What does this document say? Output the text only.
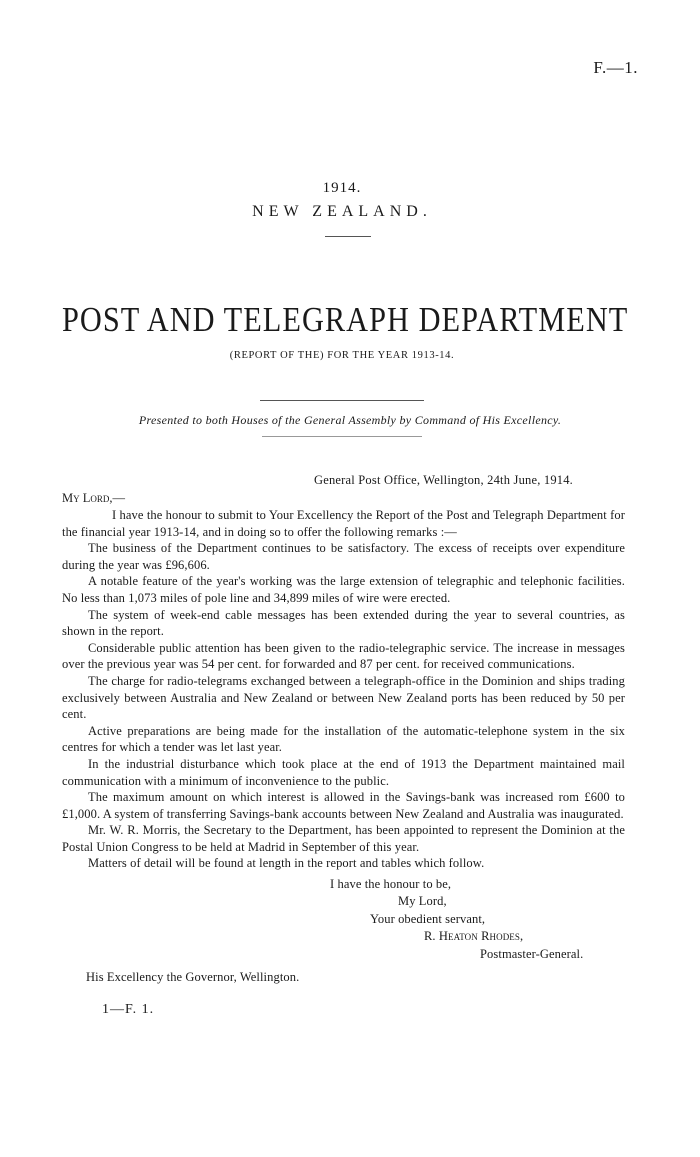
F.—1.
1914.
NEW ZEALAND.
POST AND TELEGRAPH DEPARTMENT
(REPORT OF THE) FOR THE YEAR 1913-14.
Presented to both Houses of the General Assembly by Command of His Excellency.
General Post Office, Wellington, 24th June, 1914.
My Lord,—

I have the honour to submit to Your Excellency the Report of the Post and Telegraph Department for the financial year 1913-14, and in doing so to offer the following remarks :—

The business of the Department continues to be satisfactory. The excess of receipts over expenditure during the year was £96,606.

A notable feature of the year's working was the large extension of telegraphic and telephonic facilities. No less than 1,073 miles of pole line and 34,899 miles of wire were erected.

The system of week-end cable messages has been extended during the year to several countries, as shown in the report.

Considerable public attention has been given to the radio-telegraphic service. The increase in messages over the previous year was 54 per cent. for forwarded and 87 per cent. for received communications.

The charge for radio-telegrams exchanged between a telegraph-office in the Dominion and ships trading exclusively between Australia and New Zealand or between New Zealand ports has been reduced by 50 per cent.

Active preparations are being made for the installation of the automatic-telephone system in the six centres for which a tender was let last year.

In the industrial disturbance which took place at the end of 1913 the Department maintained mail communication with a minimum of inconvenience to the public.

The maximum amount on which interest is allowed in the Savings-bank was increased rom £600 to £1,000. A system of transferring Savings-bank accounts between New Zealand and Australia was inaugurated.

Mr. W. R. Morris, the Secretary to the Department, has been appointed to represent the Dominion at the Postal Union Congress to be held at Madrid in September of this year.

Matters of detail will be found at length in the report and tables which follow.

I have the honour to be,
My Lord,
Your obedient servant,
R. Heaton Rhodes,
Postmaster-General.
His Excellency the Governor, Wellington.
1—F. 1.
